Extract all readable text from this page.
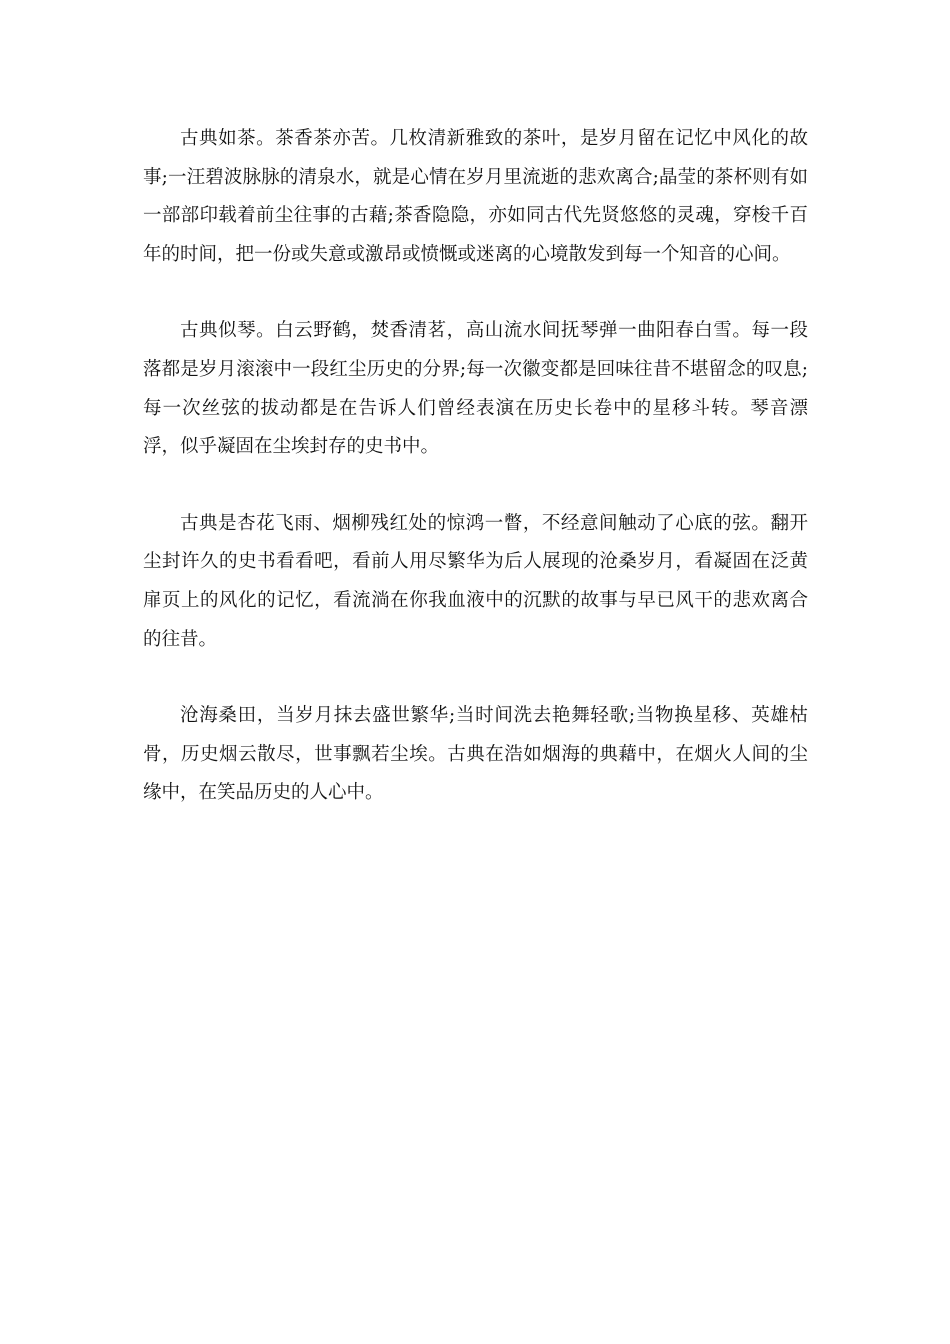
古典如茶。茶香茶亦苦。几枚清新雅致的茶叶，是岁月留在记忆中风化的故事;一汪碧波脉脉的清泉水，就是心情在岁月里流逝的悲欢离合;晶莹的茶杯则有如一部部印载着前尘往事的古藉;茶香隐隐，亦如同古代先贤悠悠的灵魂，穿梭千百年的时间，把一份或失意或激昂或愤慨或迷离的心境散发到每一个知音的心间。

古典似琴。白云野鹤，焚香清茗，高山流水间抚琴弹一曲阳春白雪。每一段落都是岁月滚滚中一段红尘历史的分界;每一次徽变都是回味往昔不堪留念的叹息;每一次丝弦的拔动都是在告诉人们曾经表演在历史长卷中的星移斗转。琴音漂浮，似乎凝固在尘埃封存的史书中。

古典是杏花飞雨、烟柳残红处的惊鸿一瞥，不经意间触动了心底的弦。翻开尘封许久的史书看看吧，看前人用尽繁华为后人展现的沧桑岁月，看凝固在泛黄扉页上的风化的记忆，看流淌在你我血液中的沉默的故事与早已风干的悲欢离合的往昔。

沧海桑田，当岁月抹去盛世繁华;当时间洗去艳舞轻歌;当物换星移、英雄枯骨，历史烟云散尽，世事飘若尘埃。古典在浩如烟海的典藉中，在烟火人间的尘缘中，在笑品历史的人心中。
